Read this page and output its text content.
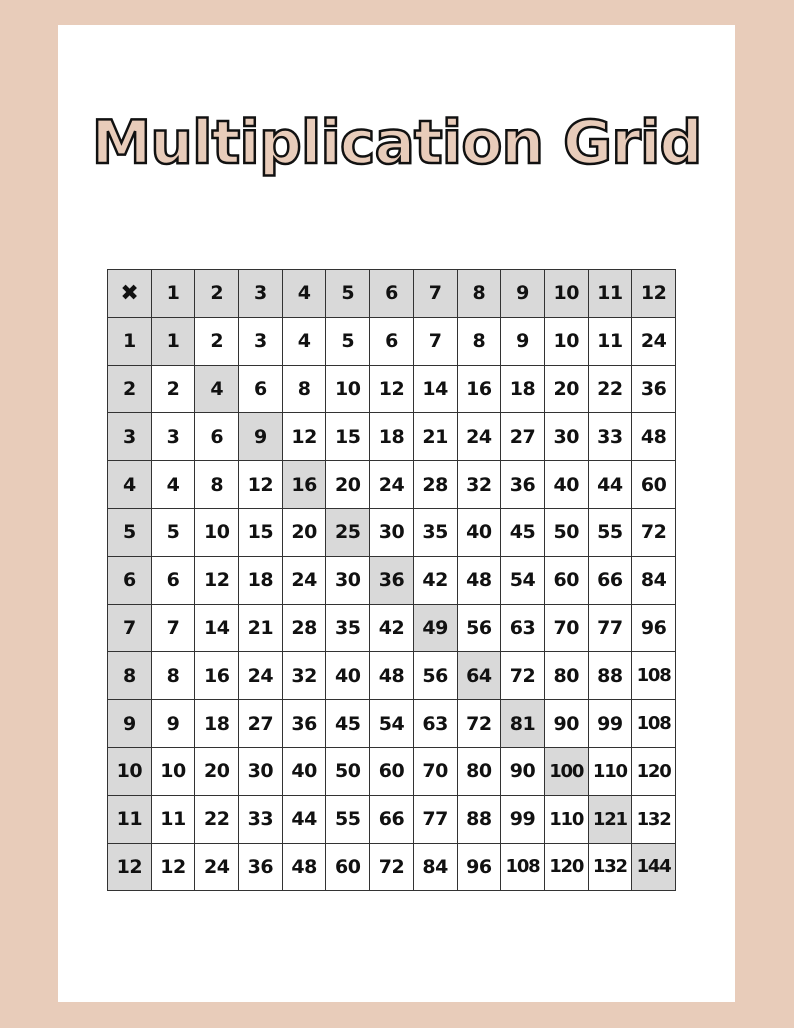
Multiplication Grid
✖	1	2	3	4	5	6	7	8	9	10	11	12
1	1	2	3	4	5	6	7	8	9	10	11	24
2	2	4	6	8	10	12	14	16	18	20	22	36
3	3	6	9	12	15	18	21	24	27	30	33	48
4	4	8	12	16	20	24	28	32	36	40	44	60
5	5	10	15	20	25	30	35	40	45	50	55	72
6	6	12	18	24	30	36	42	48	54	60	66	84
7	7	14	21	28	35	42	49	56	63	70	77	96
8	8	16	24	32	40	48	56	64	72	80	88	108
9	9	18	27	36	45	54	63	72	81	90	99	108
10	10	20	30	40	50	60	70	80	90	100	110	120
11	11	22	33	44	55	66	77	88	99	110	121	132
12	12	24	36	48	60	72	84	96	108	120	132	144
